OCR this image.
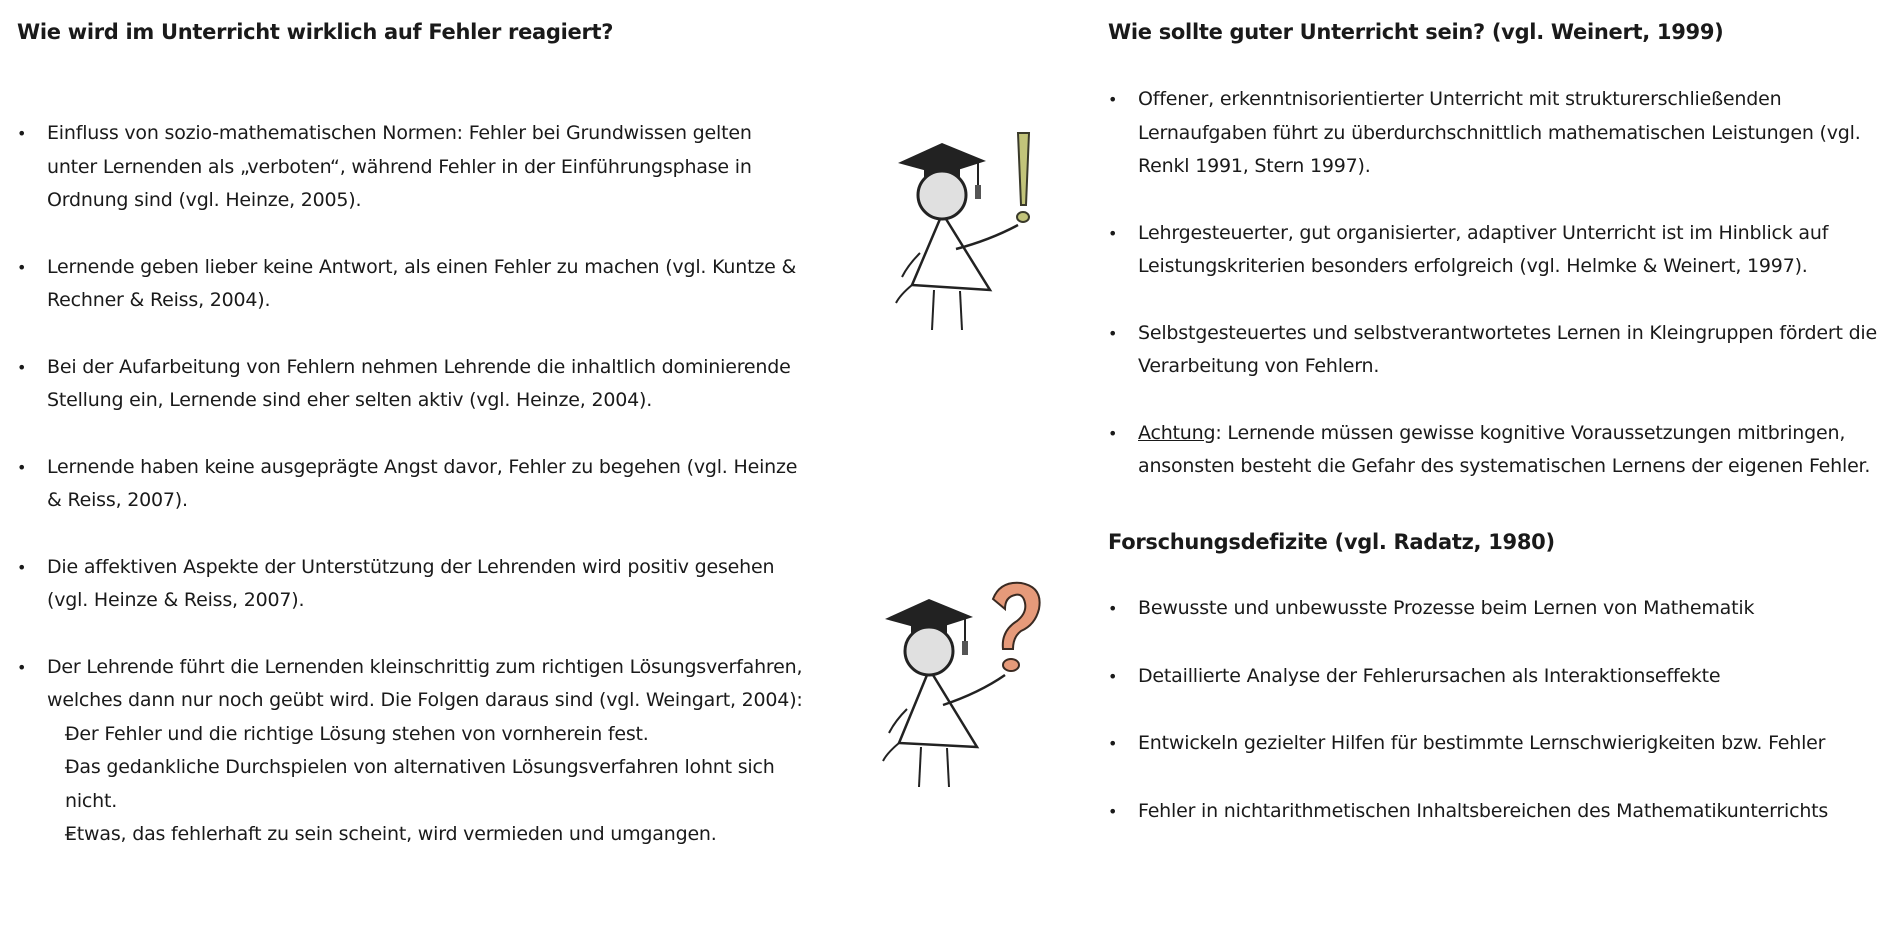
Wie wird im Unterricht wirklich auf Fehler reagiert?
• Einfluss von sozio-mathematischen Normen: Fehler bei Grundwissen gelten unter Lernenden als „verboten“, während Fehler in der Einführungsphase in Ordnung sind (vgl. Heinze, 2005).
• Lernende geben lieber keine Antwort, als einen Fehler zu machen (vgl. Kuntze & Rechner & Reiss, 2004).
• Bei der Aufarbeitung von Fehlern nehmen Lehrende die inhaltlich dominierende Stellung ein, Lernende sind eher selten aktiv (vgl. Heinze, 2004).
• Lernende haben keine ausgeprägte Angst davor, Fehler zu begehen (vgl. Heinze & Reiss, 2007).
• Die affektiven Aspekte der Unterstützung der Lehrenden wird positiv gesehen (vgl. Heinze & Reiss, 2007).
• Der Lehrende führt die Lernenden kleinschrittig zum richtigen Lösungsverfahren, welches dann nur noch geübt wird. Die Folgen daraus sind (vgl. Weingart, 2004):
– Der Fehler und die richtige Lösung stehen von vornherein fest.
– Das gedankliche Durchspielen von alternativen Lösungsverfahren lohnt sich nicht.
– Etwas, das fehlerhaft zu sein scheint, wird vermieden und umgangen.
Wie sollte guter Unterricht sein? (vgl. Weinert, 1999)
• Offener, erkenntnisorientierter Unterricht mit strukturerschließenden Lernaufgaben führt zu überdurchschnittlich mathematischen Leistungen (vgl. Renkl 1991, Stern 1997).
• Lehrgesteuerter, gut organisierter, adaptiver Unterricht ist im Hinblick auf Leistungskriterien besonders erfolgreich (vgl. Helmke & Weinert, 1997).
• Selbstgesteuertes und selbstverantwortetes Lernen in Kleingruppen fördert die Verarbeitung von Fehlern.
• Achtung: Lernende müssen gewisse kognitive Voraussetzungen mitbringen, ansonsten besteht die Gefahr des systematischen Lernens der eigenen Fehler.
Forschungsdefizite (vgl. Radatz, 1980)
• Bewusste und unbewusste Prozesse beim Lernen von Mathematik
• Detaillierte Analyse der Fehlerursachen als Interaktionseffekte
• Entwickeln gezielter Hilfen für bestimmte Lernschwierigkeiten bzw. Fehler
• Fehler in nichtarithmetischen Inhaltsbereichen des Mathematikunterrichts
